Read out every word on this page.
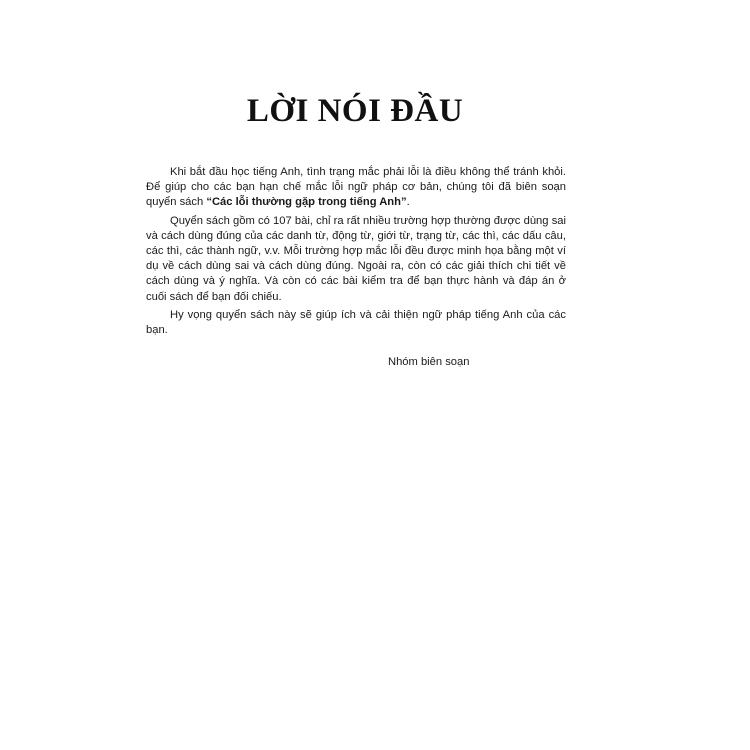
LỜI NÓI ĐẦU

Khi bắt đầu học tiếng Anh, tình trạng mắc phải lỗi là điều không thể tránh khỏi. Để giúp cho các bạn hạn chế mắc lỗi ngữ pháp cơ bản, chúng tôi đã biên soạn quyển sách “Các lỗi thường gặp trong tiếng Anh”.

Quyển sách gồm có 107 bài, chỉ ra rất nhiều trường hợp thường được dùng sai và cách dùng đúng của các danh từ, động từ, giới từ, trạng từ, các thì, các dấu câu, các thì, các thành ngữ, v.v. Mỗi trường hợp mắc lỗi đều được minh họa bằng một ví dụ về cách dùng sai và cách dùng đúng. Ngoài ra, còn có các giải thích chi tiết về cách dùng và ý nghĩa. Và còn có các bài kiểm tra để bạn thực hành và đáp án ở cuối sách để bạn đối chiếu.

Hy vọng quyển sách này sẽ giúp ích và cải thiện ngữ pháp tiếng Anh của các bạn.

Nhóm biên soạn
